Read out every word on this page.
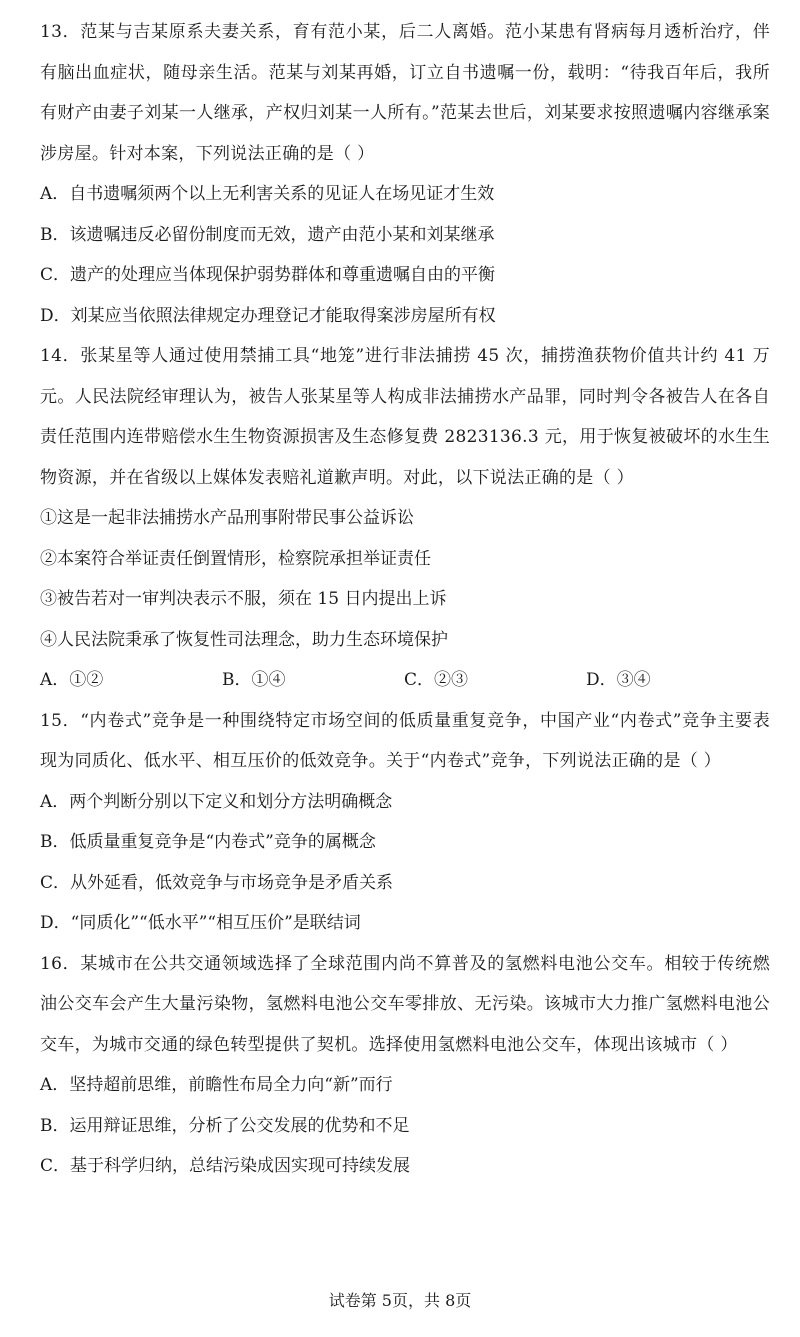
13．范某与吉某原系夫妻关系，育有范小某，后二人离婚。范小某患有肾病每月透析治疗，伴有脑出血症状，随母亲生活。范某与刘某再婚，订立自书遗嘱一份，载明：“待我百年后，我所有财产由妻子刘某一人继承，产权归刘某一人所有。”范某去世后，刘某要求按照遗嘱内容继承案涉房屋。针对本案，下列说法正确的是（ ）

A．自书遗嘱须两个以上无利害关系的见证人在场见证才生效

B．该遗嘱违反必留份制度而无效，遗产由范小某和刘某继承

C．遗产的处理应当体现保护弱势群体和尊重遗嘱自由的平衡

D．刘某应当依照法律规定办理登记才能取得案涉房屋所有权

14．张某星等人通过使用禁捕工具“地笼”进行非法捕捞 45 次，捕捞渔获物价值共计约 41 万元。人民法院经审理认为，被告人张某星等人构成非法捕捞水产品罪，同时判令各被告人在各自责任范围内连带赔偿水生生物资源损害及生态修复费 2823136.3 元，用于恢复被破坏的水生生物资源，并在省级以上媒体发表赔礼道歉声明。对此，以下说法正确的是（ ）

①这是一起非法捕捞水产品刑事附带民事公益诉讼

②本案符合举证责任倒置情形，检察院承担举证责任

③被告若对一审判决表示不服，须在 15 日内提出上诉

④人民法院秉承了恢复性司法理念，助力生态环境保护

A．①②	B．①④	C．②③	D．③④

15．“内卷式”竞争是一种围绕特定市场空间的低质量重复竞争，中国产业“内卷式”竞争主要表现为同质化、低水平、相互压价的低效竞争。关于“内卷式”竞争，下列说法正确的是（ ）

A．两个判断分别以下定义和划分方法明确概念

B．低质量重复竞争是“内卷式”竞争的属概念

C．从外延看，低效竞争与市场竞争是矛盾关系

D．“同质化”“低水平”“相互压价”是联结词

16．某城市在公共交通领域选择了全球范围内尚不算普及的氢燃料电池公交车。相较于传统燃油公交车会产生大量污染物，氢燃料电池公交车零排放、无污染。该城市大力推广氢燃料电池公交车，为城市交通的绿色转型提供了契机。选择使用氢燃料电池公交车，体现出该城市（ ）

A．坚持超前思维，前瞻性布局全力向“新”而行

B．运用辩证思维，分析了公交发展的优势和不足

C．基于科学归纳，总结污染成因实现可持续发展

试卷第 5页，共 8页
